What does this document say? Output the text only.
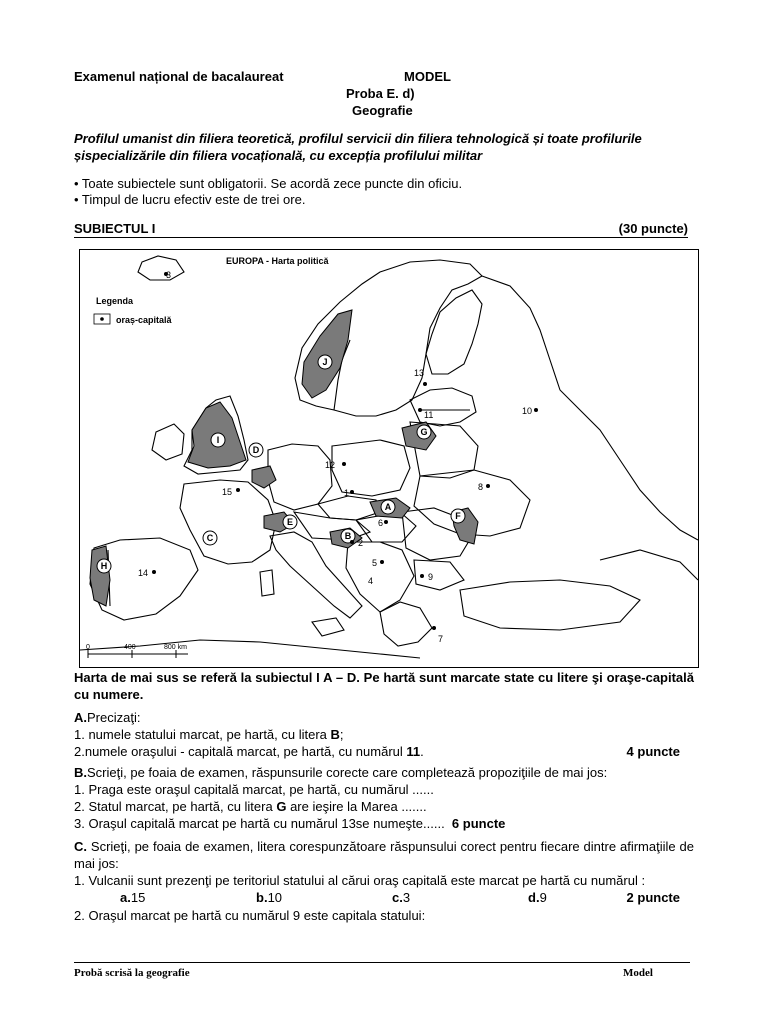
Examenul național de bacalaureat	MODEL
Proba E. d)
Geografie
Profilul umanist din filiera teoretică, profilul servicii din filiera tehnologică și toate profilurile șispecializările din filiera vocațională, cu excepția profilului militar
• Toate subiectele sunt obligatorii. Se acordă zece puncte din oficiu.
• Timpul de lucru efectiv este de trei ore.
SUBIECTUL I	(30 puncte)
J
I
D
G
A
E
F
B
C
H
3
13
11	10
12
15	1
8
6
2
5
14
4	9
7
EUROPA - Harta politică
Legenda
oraș-capitală
0	400	800 km

Harta de mai sus se referă la subiectul I A – D. Pe hartă sunt marcate state cu litere şi oraşe-capitală cu numere.

A.Precizaţi:
1. numele statului marcat, pe hartă, cu litera B;
2.numele oraşului - capitală marcat, pe hartă, cu numărul 11.	4 puncte
B.Scrieţi, pe foaia de examen, răspunsurile corecte care completează propoziţiile de mai jos:
1. Praga este oraşul capitală marcat, pe hartă, cu numărul ......
2. Statul marcat, pe hartă, cu litera G are ieşire la Marea .......
3. Oraşul capitală marcat pe hartă cu numărul 13se numeşte...... 6 puncte
C. Scrieţi, pe foaia de examen, litera corespunzătoare răspunsului corect pentru fiecare dintre afirmaţiile de mai jos:
1. Vulcanii sunt prezenţi pe teritoriul statului al cărui oraş capitală este marcat pe hartă cu numărul :
a.15	b.10	c.3	d.9	2 puncte
2. Oraşul marcat pe hartă cu numărul 9 este capitala statului:
Probă scrisă la geografie	Model
